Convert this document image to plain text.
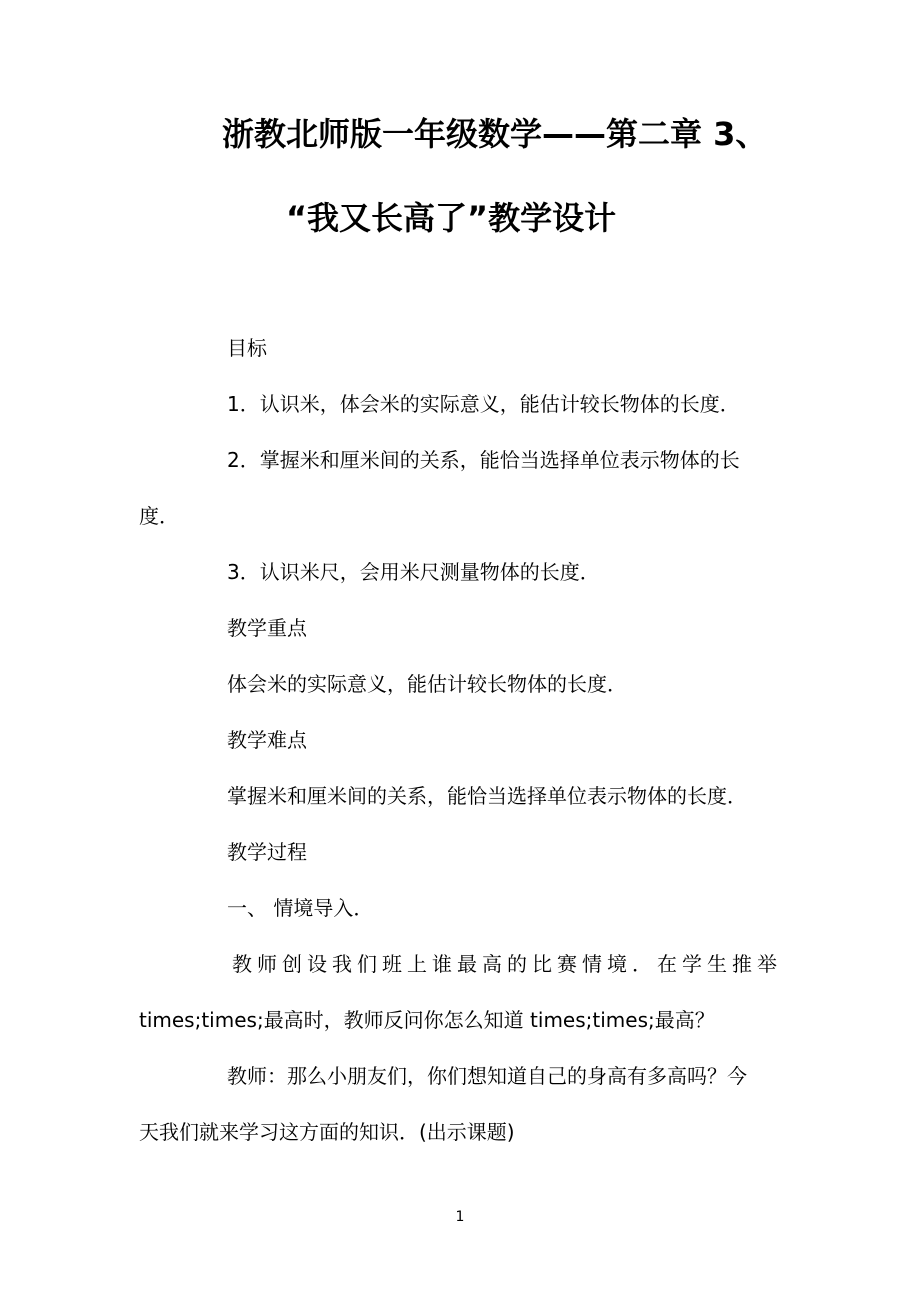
浙教北师版一年级数学——第二章 3、
“我又长高了”教学设计
目标
1．认识米，体会米的实际意义，能估计较长物体的长度．
2．掌握米和厘米间的关系，能恰当选择单位表示物体的长
度．
3．认识米尺，会用米尺测量物体的长度．
教学重点
体会米的实际意义，能估计较长物体的长度．
教学难点
掌握米和厘米间的关系，能恰当选择单位表示物体的长度．
教学过程
一、 情境导入．
教师创设我们班上谁最高的比赛情境．在学生推举
times;times;最高时，教师反问你怎么知道 times;times;最高？
教师：那么小朋友们，你们想知道自己的身高有多高吗？今
天我们就来学习这方面的知识．(出示课题)
1
